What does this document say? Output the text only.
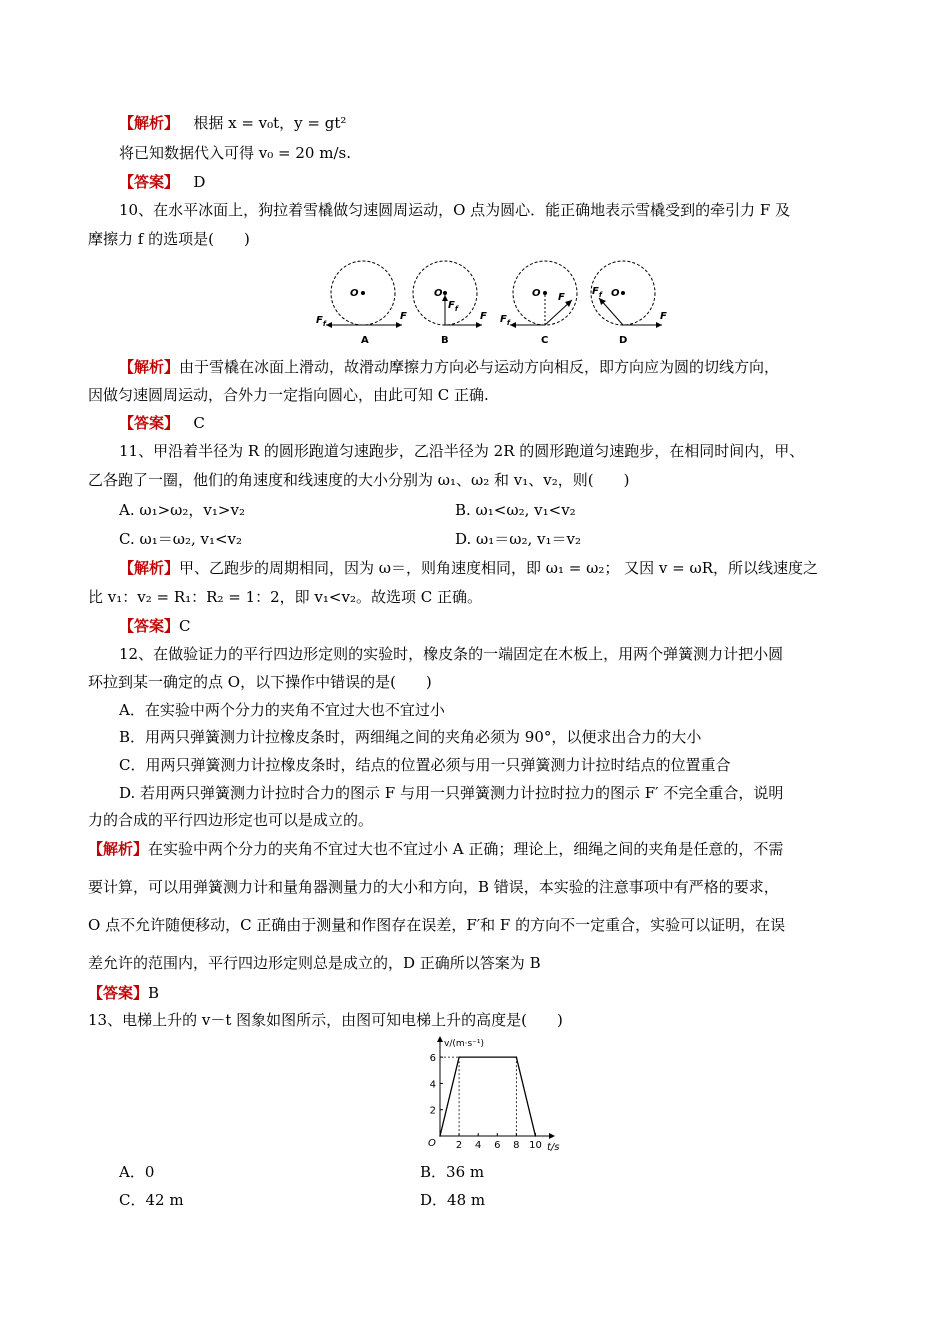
【解析】 根据 x = v₀t，y = gt²
将已知数据代入可得 v₀ = 20 m/s.
【答案】 D
10、在水平冰面上，狗拉着雪橇做匀速圆周运动，O 点为圆心．能正确地表示雪橇受到的牵引力 F 及
摩擦力 f 的选项是(　　)
O
F
$F_f$
A
O
$F_f$
F
B
O F
$F_f$
C
O
F
$F_f$
D
【解析】由于雪橇在冰面上滑动，故滑动摩擦力方向必与运动方向相反，即方向应为圆的切线方向，
因做匀速圆周运动，合外力一定指向圆心，由此可知 C 正确.
【答案】 C
11、甲沿着半径为 R 的圆形跑道匀速跑步，乙沿半径为 2R 的圆形跑道匀速跑步，在相同时间内，甲、
乙各跑了一圈，他们的角速度和线速度的大小分别为 ω₁、ω₂ 和 v₁、v₂，则(　　)
A. ω₁>ω₂，v₁>v₂	B. ω₁<ω₂, v₁<v₂
C. ω₁＝ω₂, v₁<v₂	D. ω₁＝ω₂, v₁＝v₂
【解析】甲、乙跑步的周期相同，因为 ω＝，则角速度相同，即 ω₁ = ω₂； 又因 v = ωR，所以线速度之
比 v₁：v₂ = R₁：R₂ = 1：2，即 v₁<v₂。故选项 C 正确。
【答案】C
12、在做验证力的平行四边形定则的实验时，橡皮条的一端固定在木板上，用两个弹簧测力计把小圆
环拉到某一确定的点 O，以下操作中错误的是(　　)
A．在实验中两个分力的夹角不宜过大也不宜过小
B．用两只弹簧测力计拉橡皮条时，两细绳之间的夹角必须为 90°，以便求出合力的大小
C．用两只弹簧测力计拉橡皮条时，结点的位置必须与用一只弹簧测力计拉时结点的位置重合
D. 若用两只弹簧测力计拉时合力的图示 F 与用一只弹簧测力计拉时拉力的图示 F′ 不完全重合，说明
力的合成的平行四边形定也可以是成立的。
【解析】在实验中两个分力的夹角不宜过大也不宜过小 A 正确；理论上，细绳之间的夹角是任意的，不需
要计算，可以用弹簧测力计和量角器测量力的大小和方向，B 错误，本实验的注意事项中有严格的要求，
O 点不允许随便移动，C 正确由于测量和作图存在误差，F′和 F 的方向不一定重合，实验可以证明，在误
差允许的范围内，平行四边形定则总是成立的，D 正确所以答案为 B
【答案】B
13、电梯上升的 v－t 图象如图所示，由图可知电梯上升的高度是(　　)
O 2 4 6 8 10
2
4
6
t/s
v/(m·s⁻¹)
A．0	B．36 m
C．42 m	D．48 m
